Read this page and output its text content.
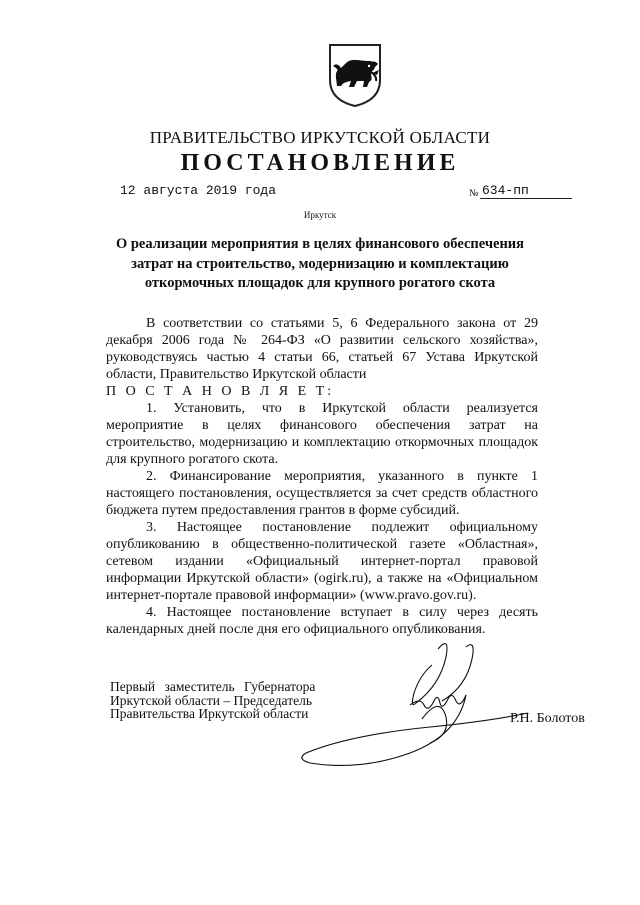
ПРАВИТЕЛЬСТВО ИРКУТСКОЙ ОБЛАСТИ
ПОСТАНОВЛЕНИЕ
12 августа 2019 года	№ 634-пп
Иркутск
О реализации мероприятия в целях финансового обеспечения затрат на строительство, модернизацию и комплектацию откормочных площадок для крупного рогатого скота

В соответствии со статьями 5, 6 Федерального закона от 29 декабря 2006 года № 264-ФЗ «О развитии сельского хозяйства», руководствуясь частью 4 статьи 66, статьей 67 Устава Иркутской области, Правительство Иркутской области

П О С Т А Н О В Л Я Е Т:

1. Установить, что в Иркутской области реализуется мероприятие в целях финансового обеспечения затрат на строительство, модернизацию и комплектацию откормочных площадок для крупного рогатого скота.

2. Финансирование мероприятия, указанного в пункте 1 настоящего постановления, осуществляется за счет средств областного бюджета путем предоставления грантов в форме субсидий.

3. Настоящее постановление подлежит официальному опубликованию в общественно-политической газете «Областная», сетевом издании «Официальный интернет-портал правовой информации Иркутской области» (ogirk.ru), а также на «Официальном интернет-портале правовой информации» (www.pravo.gov.ru).

4. Настоящее постановление вступает в силу через десять календарных дней после дня его официального опубликования.

Первый заместитель Губернатора
Иркутской области – Председатель
Правительства Иркутской области	Р.Н. Болотов
